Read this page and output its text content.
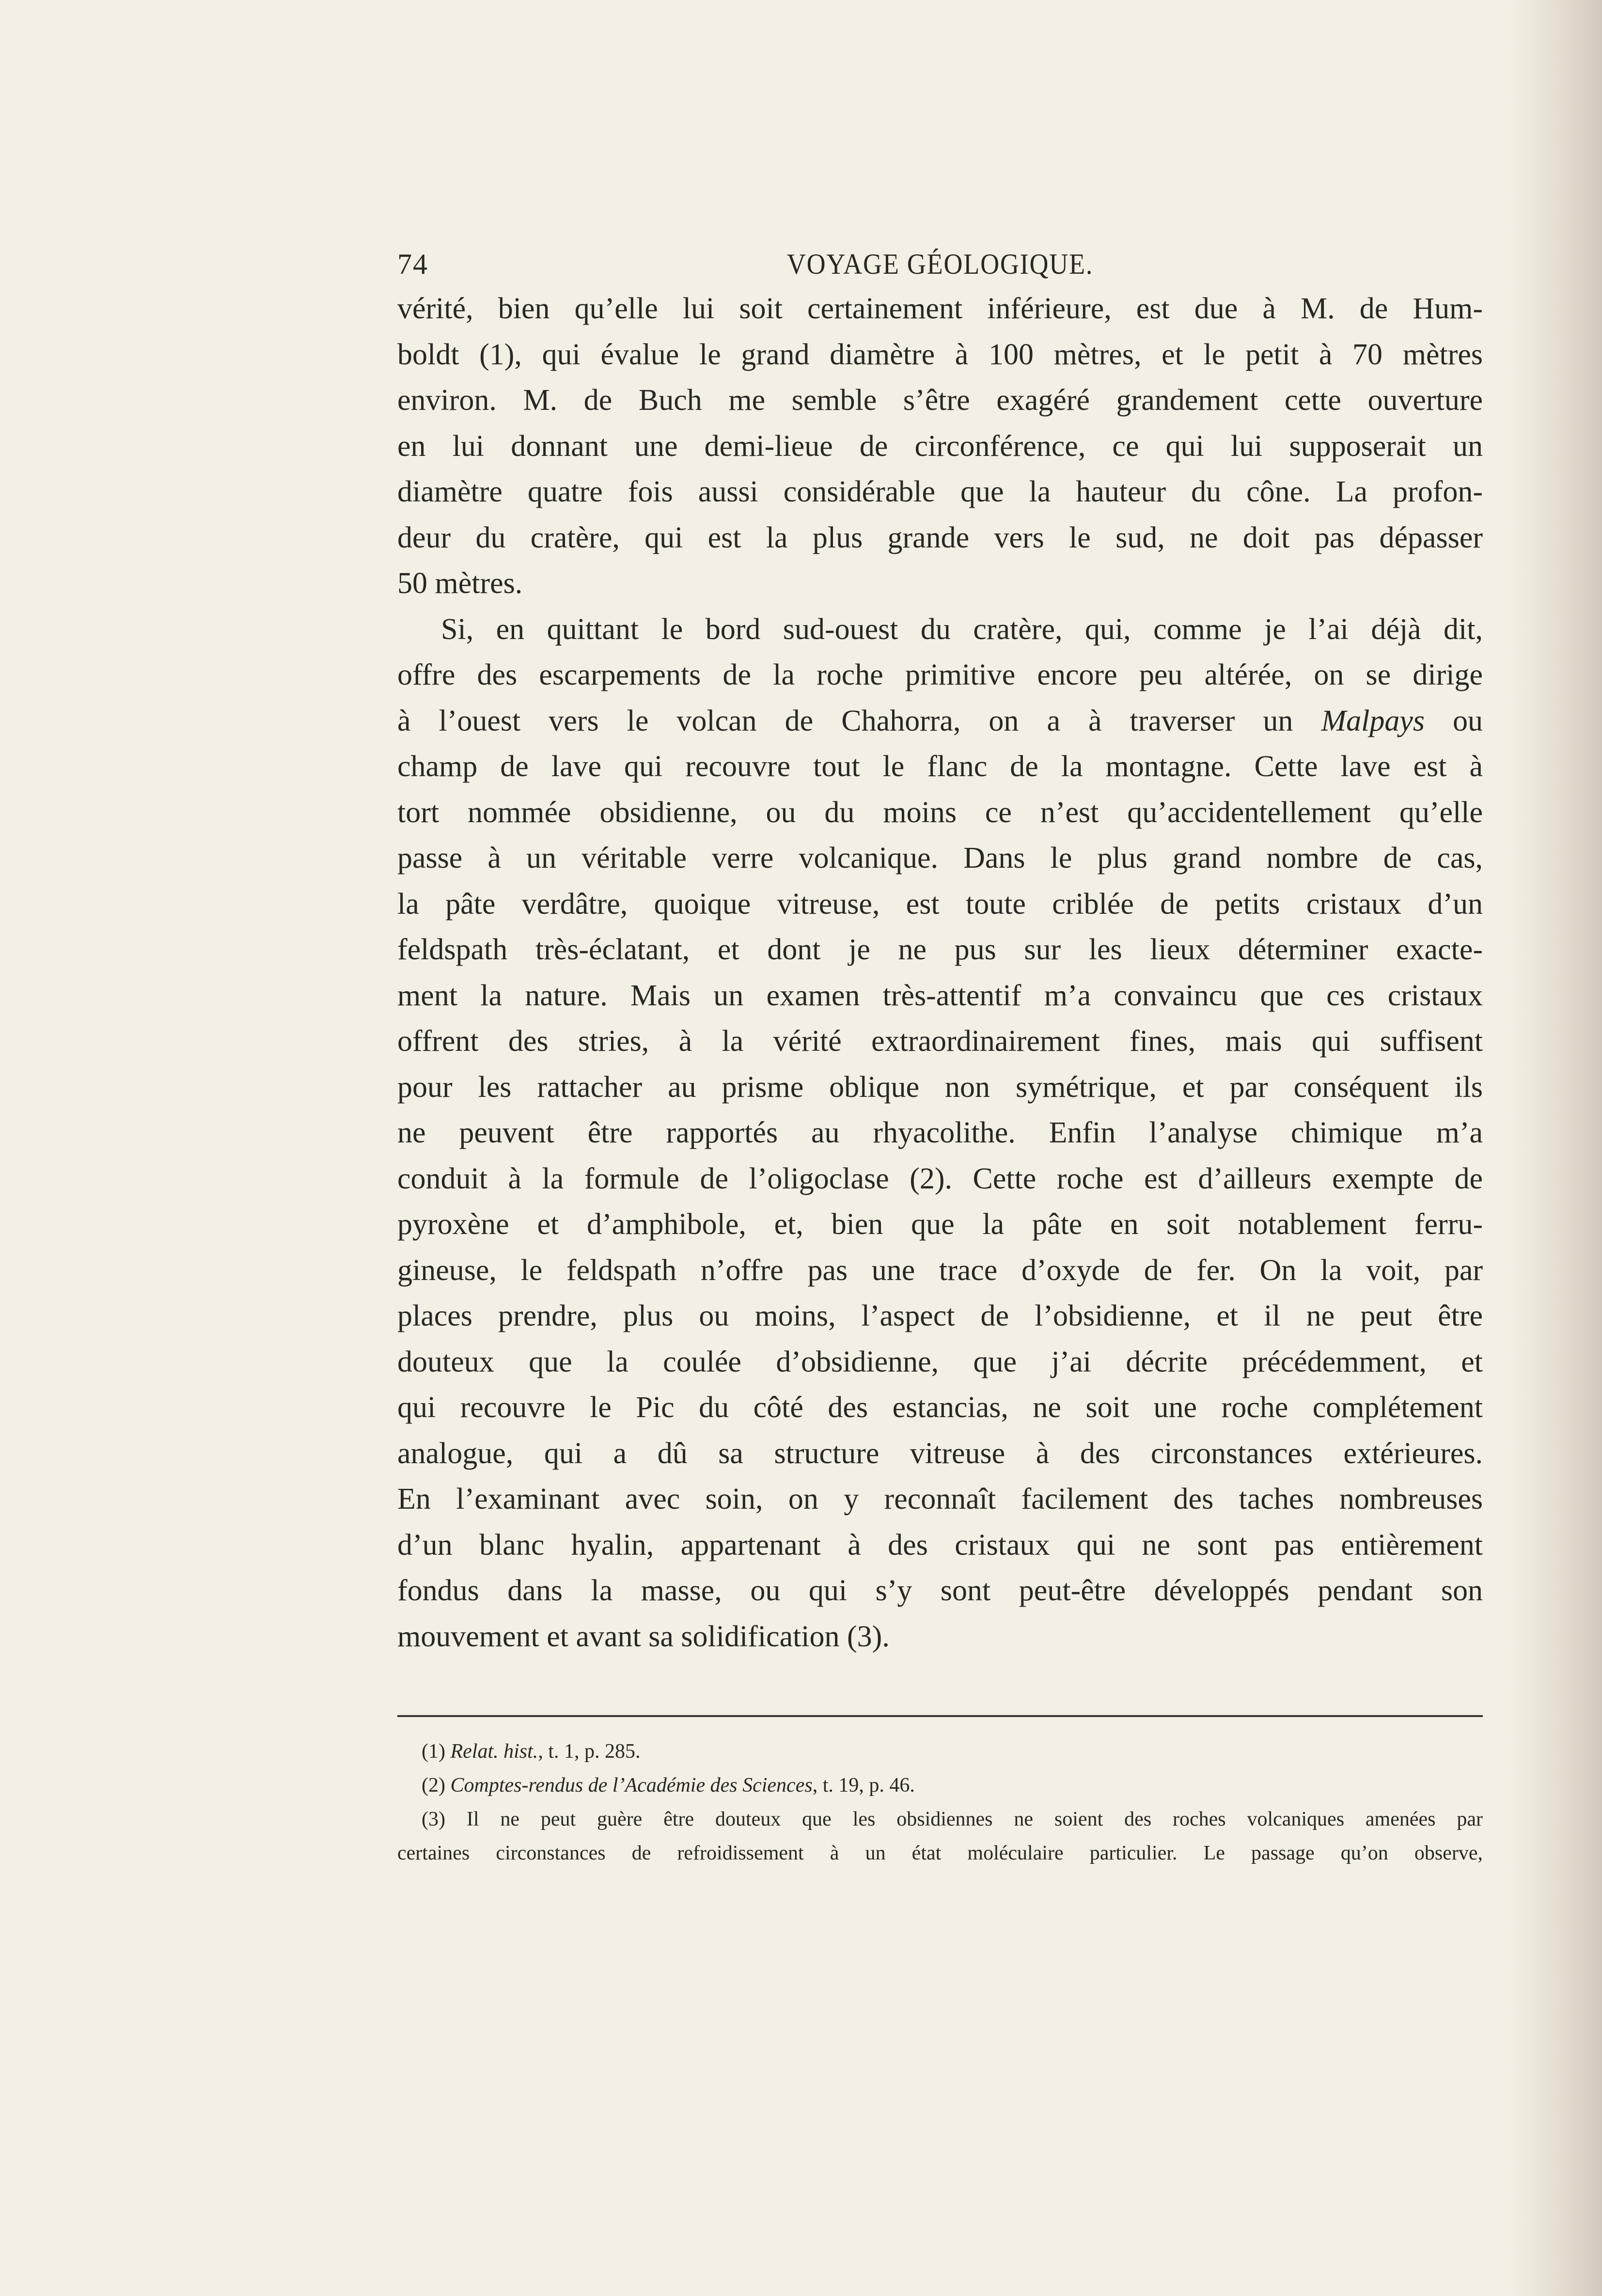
74	VOYAGE GÉOLOGIQUE.

vérité, bien qu’elle lui soit certainement inférieure, est due à M. de Hum-
boldt (1), qui évalue le grand diamètre à 100 mètres, et le petit à 70 mètres
environ. M. de Buch me semble s’être exagéré grandement cette ouverture
en lui donnant une demi-lieue de circonférence, ce qui lui supposerait un
diamètre quatre fois aussi considérable que la hauteur du cône. La profon-
deur du cratère, qui est la plus grande vers le sud, ne doit pas dépasser
50 mètres.

Si, en quittant le bord sud-ouest du cratère, qui, comme je l’ai déjà dit,
offre des escarpements de la roche primitive encore peu altérée, on se dirige
à l’ouest vers le volcan de Chahorra, on a à traverser un Malpays ou
champ de lave qui recouvre tout le flanc de la montagne. Cette lave est à
tort nommée obsidienne, ou du moins ce n’est qu’accidentellement qu’elle
passe à un véritable verre volcanique. Dans le plus grand nombre de cas,
la pâte verdâtre, quoique vitreuse, est toute criblée de petits cristaux d’un
feldspath très-éclatant, et dont je ne pus sur les lieux déterminer exacte-
ment la nature. Mais un examen très-attentif m’a convaincu que ces cristaux
offrent des stries, à la vérité extraordinairement fines, mais qui suffisent
pour les rattacher au prisme oblique non symétrique, et par conséquent ils
ne peuvent être rapportés au rhyacolithe. Enfin l’analyse chimique m’a
conduit à la formule de l’oligoclase (2). Cette roche est d’ailleurs exempte de
pyroxène et d’amphibole, et, bien que la pâte en soit notablement ferru-
gineuse, le feldspath n’offre pas une trace d’oxyde de fer. On la voit, par
places prendre, plus ou moins, l’aspect de l’obsidienne, et il ne peut être
douteux que la coulée d’obsidienne, que j’ai décrite précédemment, et
qui recouvre le Pic du côté des estancias, ne soit une roche complétement
analogue, qui a dû sa structure vitreuse à des circonstances extérieures.
En l’examinant avec soin, on y reconnaît facilement des taches nombreuses
d’un blanc hyalin, appartenant à des cristaux qui ne sont pas entièrement
fondus dans la masse, ou qui s’y sont peut-être développés pendant son
mouvement et avant sa solidification (3).

(1) Relat. hist., t. 1, p. 285.
(2) Comptes-rendus de l’Académie des Sciences, t. 19, p. 46.
(3) Il ne peut guère être douteux que les obsidiennes ne soient des roches volcaniques amenées par
certaines circonstances de refroidissement à un état moléculaire particulier. Le passage qu’on observe,
